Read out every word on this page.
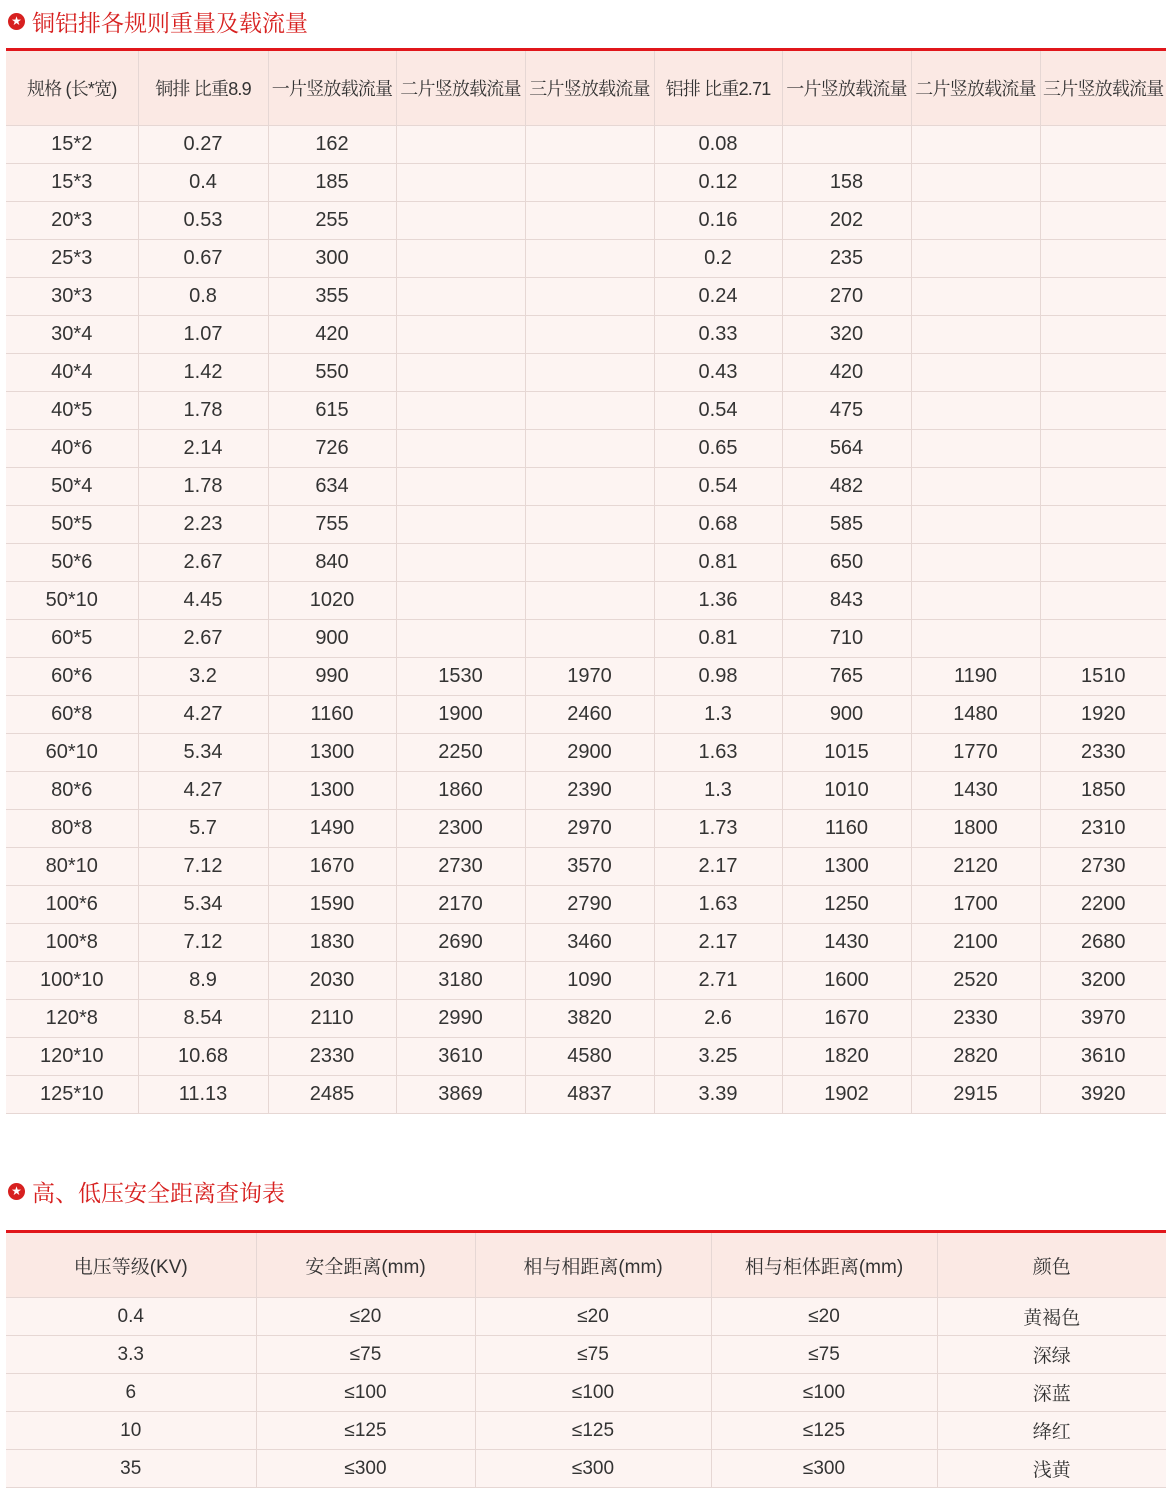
★ 铜铝排各规则重量及载流量
规格 (长*宽)	铜排 比重8.9	一片竖放载流量	二片竖放载流量	三片竖放载流量	铝排 比重2.71	一片竖放载流量	二片竖放载流量	三片竖放载流量
15*2	0.27	162			0.08			
15*3	0.4	185			0.12	158		
20*3	0.53	255			0.16	202		
25*3	0.67	300			0.2	235		
30*3	0.8	355			0.24	270		
30*4	1.07	420			0.33	320		
40*4	1.42	550			0.43	420		
40*5	1.78	615			0.54	475		
40*6	2.14	726			0.65	564		
50*4	1.78	634			0.54	482		
50*5	2.23	755			0.68	585		
50*6	2.67	840			0.81	650		
50*10	4.45	1020			1.36	843		
60*5	2.67	900			0.81	710		
60*6	3.2	990	1530	1970	0.98	765	1190	1510
60*8	4.27	1160	1900	2460	1.3	900	1480	1920
60*10	5.34	1300	2250	2900	1.63	1015	1770	2330
80*6	4.27	1300	1860	2390	1.3	1010	1430	1850
80*8	5.7	1490	2300	2970	1.73	1160	1800	2310
80*10	7.12	1670	2730	3570	2.17	1300	2120	2730
100*6	5.34	1590	2170	2790	1.63	1250	1700	2200
100*8	7.12	1830	2690	3460	2.17	1430	2100	2680
100*10	8.9	2030	3180	1090	2.71	1600	2520	3200
120*8	8.54	2110	2990	3820	2.6	1670	2330	3970
120*10	10.68	2330	3610	4580	3.25	1820	2820	3610
125*10	11.13	2485	3869	4837	3.39	1902	2915	3920
★ 高、低压安全距离查询表
电压等级(KV)	安全距离(mm)	相与相距离(mm)	相与柜体距离(mm)	颜色
0.4	≤20	≤20	≤20	黄褐色
3.3	≤75	≤75	≤75	深绿
6	≤100	≤100	≤100	深蓝
10	≤125	≤125	≤125	绛红
35	≤300	≤300	≤300	浅黄
